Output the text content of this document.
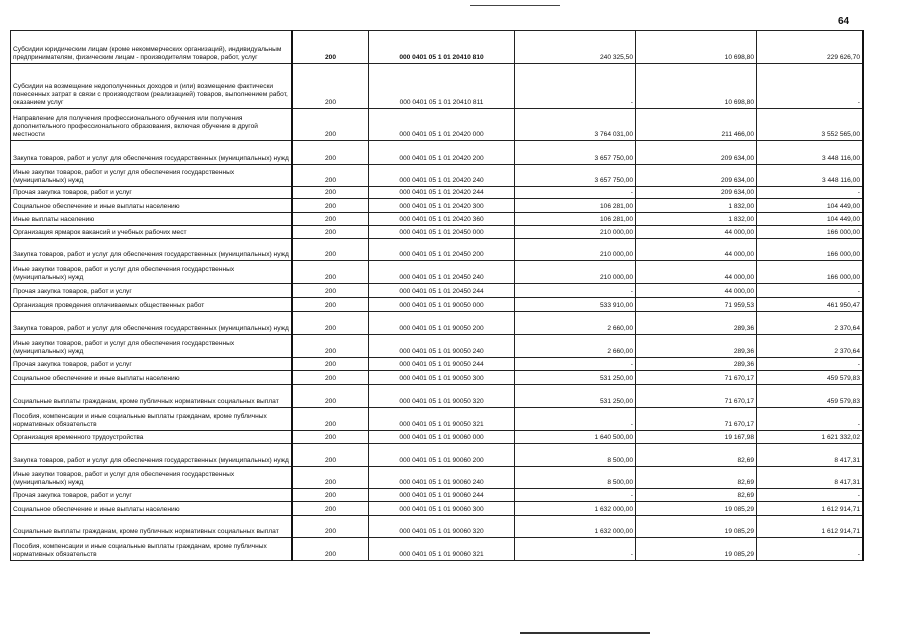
64
Субсидии юридическим лицам (кроме некоммерческих организаций), индивидуальным предпринимателям, физическим лицам - производителям товаров, работ, услуг	200	000 0401 05 1 01 20410 810	240 325,50	10 698,80	229 626,70
Субсидии на возмещение недополученных доходов и (или) возмещение фактически понесенных затрат в связи с производством (реализацией) товаров, выполнением работ, оказанием услуг	200	000 0401 05 1 01 20410 811	-	10 698,80	-
Направление для получения профессионального обучения или получения дополнительного профессионального образования, включая обучение в другой местности	200	000 0401 05 1 01 20420 000	3 764 031,00	211 466,00	3 552 565,00
Закупка товаров, работ и услуг для обеспечения государственных (муниципальных) нужд	200	000 0401 05 1 01 20420 200	3 657 750,00	209 634,00	3 448 116,00
Иные закупки товаров, работ и услуг для обеспечения государственных (муниципальных) нужд	200	000 0401 05 1 01 20420 240	3 657 750,00	209 634,00	3 448 116,00
Прочая закупка товаров, работ и услуг	200	000 0401 05 1 01 20420 244	-	209 634,00	-
Социальное обеспечение и иные выплаты населению	200	000 0401 05 1 01 20420 300	106 281,00	1 832,00	104 449,00
Иные выплаты населению	200	000 0401 05 1 01 20420 360	106 281,00	1 832,00	104 449,00
Организация ярмарок вакансий и учебных рабочих мест	200	000 0401 05 1 01 20450 000	210 000,00	44 000,00	166 000,00
Закупка товаров, работ и услуг для обеспечения государственных (муниципальных) нужд	200	000 0401 05 1 01 20450 200	210 000,00	44 000,00	166 000,00
Иные закупки товаров, работ и услуг для обеспечения государственных (муниципальных) нужд	200	000 0401 05 1 01 20450 240	210 000,00	44 000,00	166 000,00
Прочая закупка товаров, работ и услуг	200	000 0401 05 1 01 20450 244	-	44 000,00	-
Организация проведения оплачиваемых общественных работ	200	000 0401 05 1 01 90050 000	533 910,00	71 959,53	461 950,47
Закупка товаров, работ и услуг для обеспечения государственных (муниципальных) нужд	200	000 0401 05 1 01 90050 200	2 660,00	289,36	2 370,64
Иные закупки товаров, работ и услуг для обеспечения государственных (муниципальных) нужд	200	000 0401 05 1 01 90050 240	2 660,00	289,36	2 370,64
Прочая закупка товаров, работ и услуг	200	000 0401 05 1 01 90050 244	-	289,36	-
Социальное обеспечение и иные выплаты населению	200	000 0401 05 1 01 90050 300	531 250,00	71 670,17	459 579,83
Социальные выплаты гражданам, кроме публичных нормативных социальных выплат	200	000 0401 05 1 01 90050 320	531 250,00	71 670,17	459 579,83
Пособия, компенсации и иные социальные выплаты гражданам, кроме публичных нормативных обязательств	200	000 0401 05 1 01 90050 321	-	71 670,17	-
Организация временного трудоустройства	200	000 0401 05 1 01 90060 000	1 640 500,00	19 167,98	1 621 332,02
Закупка товаров, работ и услуг для обеспечения государственных (муниципальных) нужд	200	000 0401 05 1 01 90060 200	8 500,00	82,69	8 417,31
Иные закупки товаров, работ и услуг для обеспечения государственных (муниципальных) нужд	200	000 0401 05 1 01 90060 240	8 500,00	82,69	8 417,31
Прочая закупка товаров, работ и услуг	200	000 0401 05 1 01 90060 244	-	82,69	-
Социальное обеспечение и иные выплаты населению	200	000 0401 05 1 01 90060 300	1 632 000,00	19 085,29	1 612 914,71
Социальные выплаты гражданам, кроме публичных нормативных социальных выплат	200	000 0401 05 1 01 90060 320	1 632 000,00	19 085,29	1 612 914,71
Пособия, компенсации и иные социальные выплаты гражданам, кроме публичных нормативных обязательств	200	000 0401 05 1 01 90060 321	-	19 085,29	-
